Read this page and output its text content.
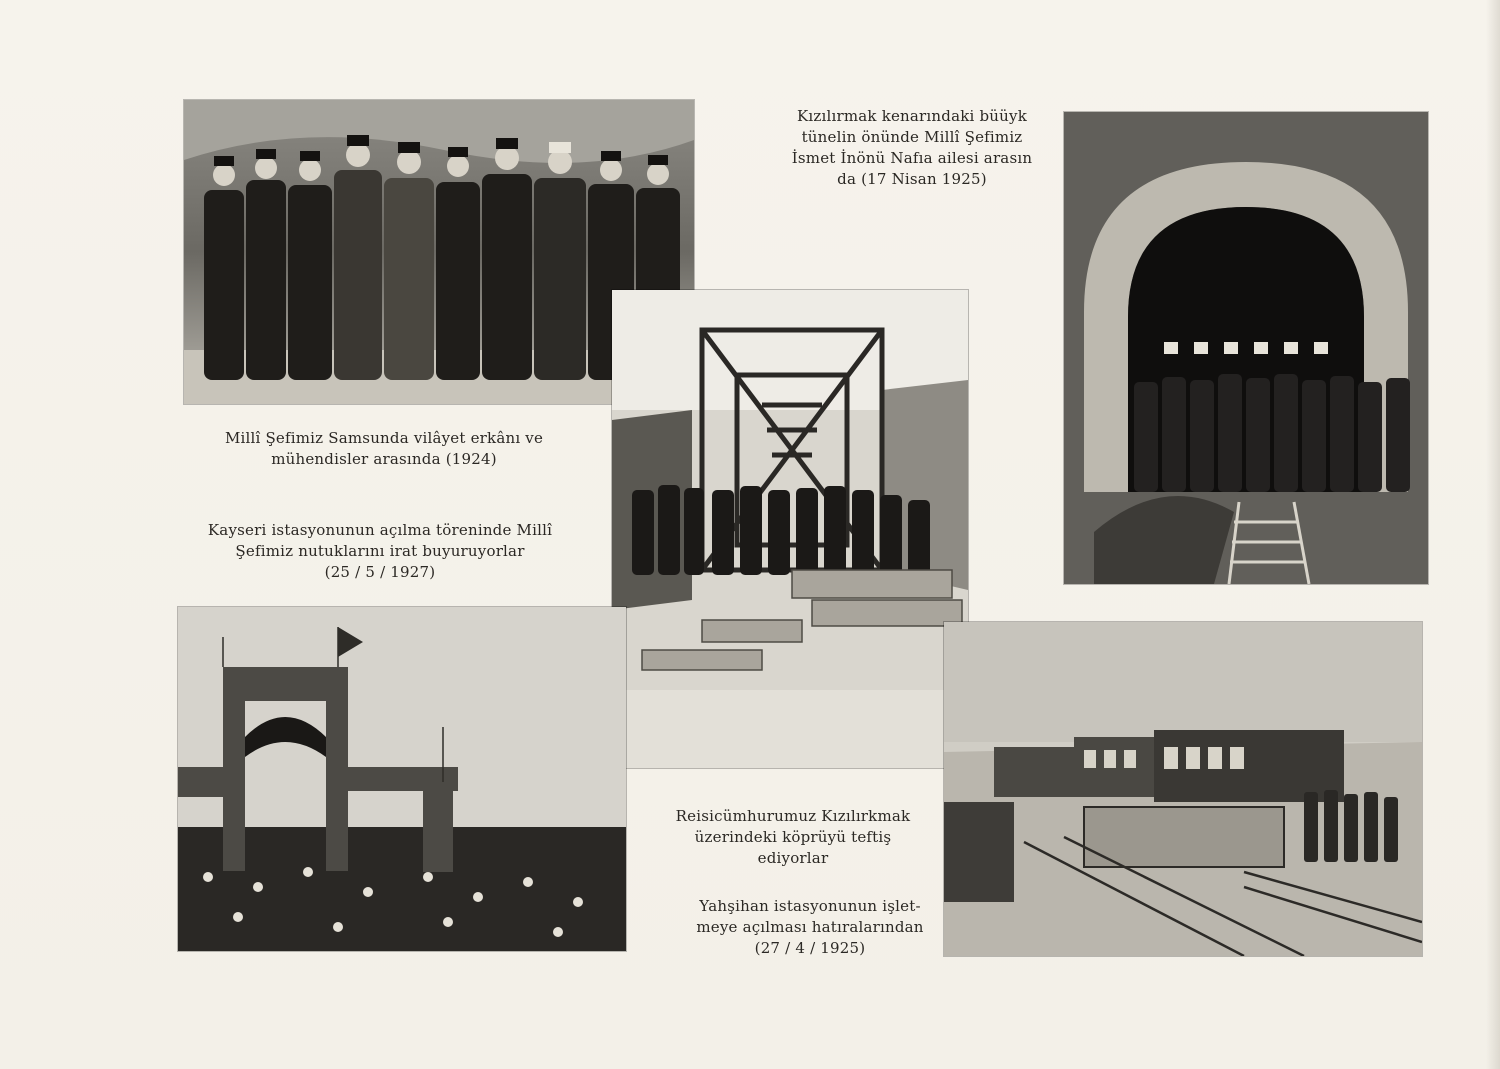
Millî Şefimiz Samsunda vilâyet erkânı ve
mühendisler arasında (1924)
Kayseri istasyonunun açılma töreninde Millî
Şefimiz nutuklarını irat buyuruyorlar
(25 / 5 / 1927)
Kızılırmak kenarındaki büüyk
tünelin önünde Millî Şefimiz
İsmet İnönü Nafıa ailesi arasın
da (17 Nisan 1925)
Reisicümhurumuz Kızılırkmak
üzerindeki köprüyü teftiş
ediyorlar
Yahşihan istasyonunun işlet-
meye açılması hatıralarından
(27 / 4 / 1925)
